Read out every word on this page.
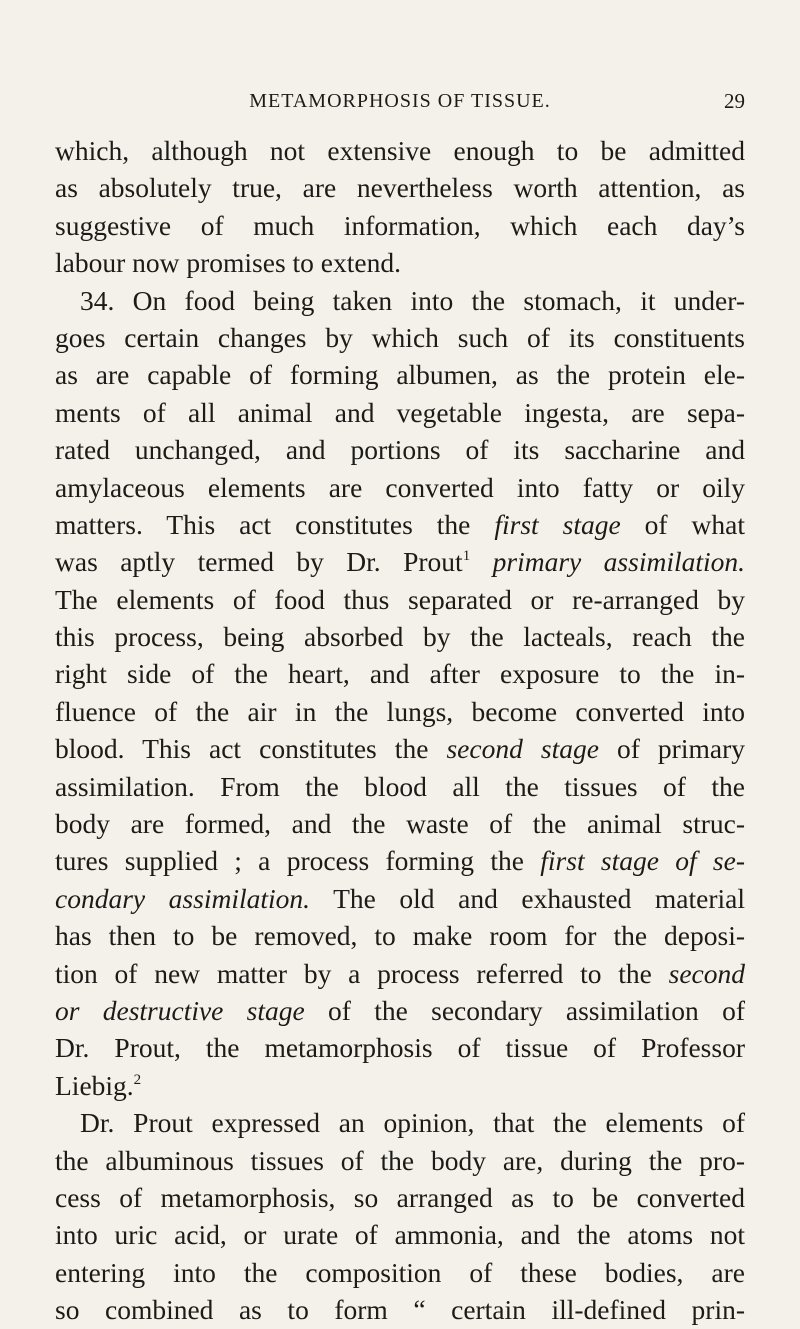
METAMORPHOSIS OF TISSUE.	29
which, although not extensive enough to be admitted
as absolutely true, are nevertheless worth attention, as
suggestive of much information, which each day’s
labour now promises to extend.
34. On food being taken into the stomach, it under-
goes certain changes by which such of its constituents
as are capable of forming albumen, as the protein ele-
ments of all animal and vegetable ingesta, are sepa-
rated unchanged, and portions of its saccharine and
amylaceous elements are converted into fatty or oily
matters. This act constitutes the first stage of what
was aptly termed by Dr. Prout$^1$ primary assimilation.
The elements of food thus separated or re-arranged by
this process, being absorbed by the lacteals, reach the
right side of the heart, and after exposure to the in-
fluence of the air in the lungs, become converted into
blood. This act constitutes the second stage of primary
assimilation. From the blood all the tissues of the
body are formed, and the waste of the animal struc-
tures supplied ; a process forming the first stage of se-
condary assimilation. The old and exhausted material
has then to be removed, to make room for the deposi-
tion of new matter by a process referred to the second
or destructive stage of the secondary assimilation of
Dr. Prout, the metamorphosis of tissue of Professor
Liebig.$^2$
Dr. Prout expressed an opinion, that the elements of
the albuminous tissues of the body are, during the pro-
cess of metamorphosis, so arranged as to be converted
into uric acid, or urate of ammonia, and the atoms not
entering into the composition of these bodies, are
so combined as to form “ certain ill-defined prin-
